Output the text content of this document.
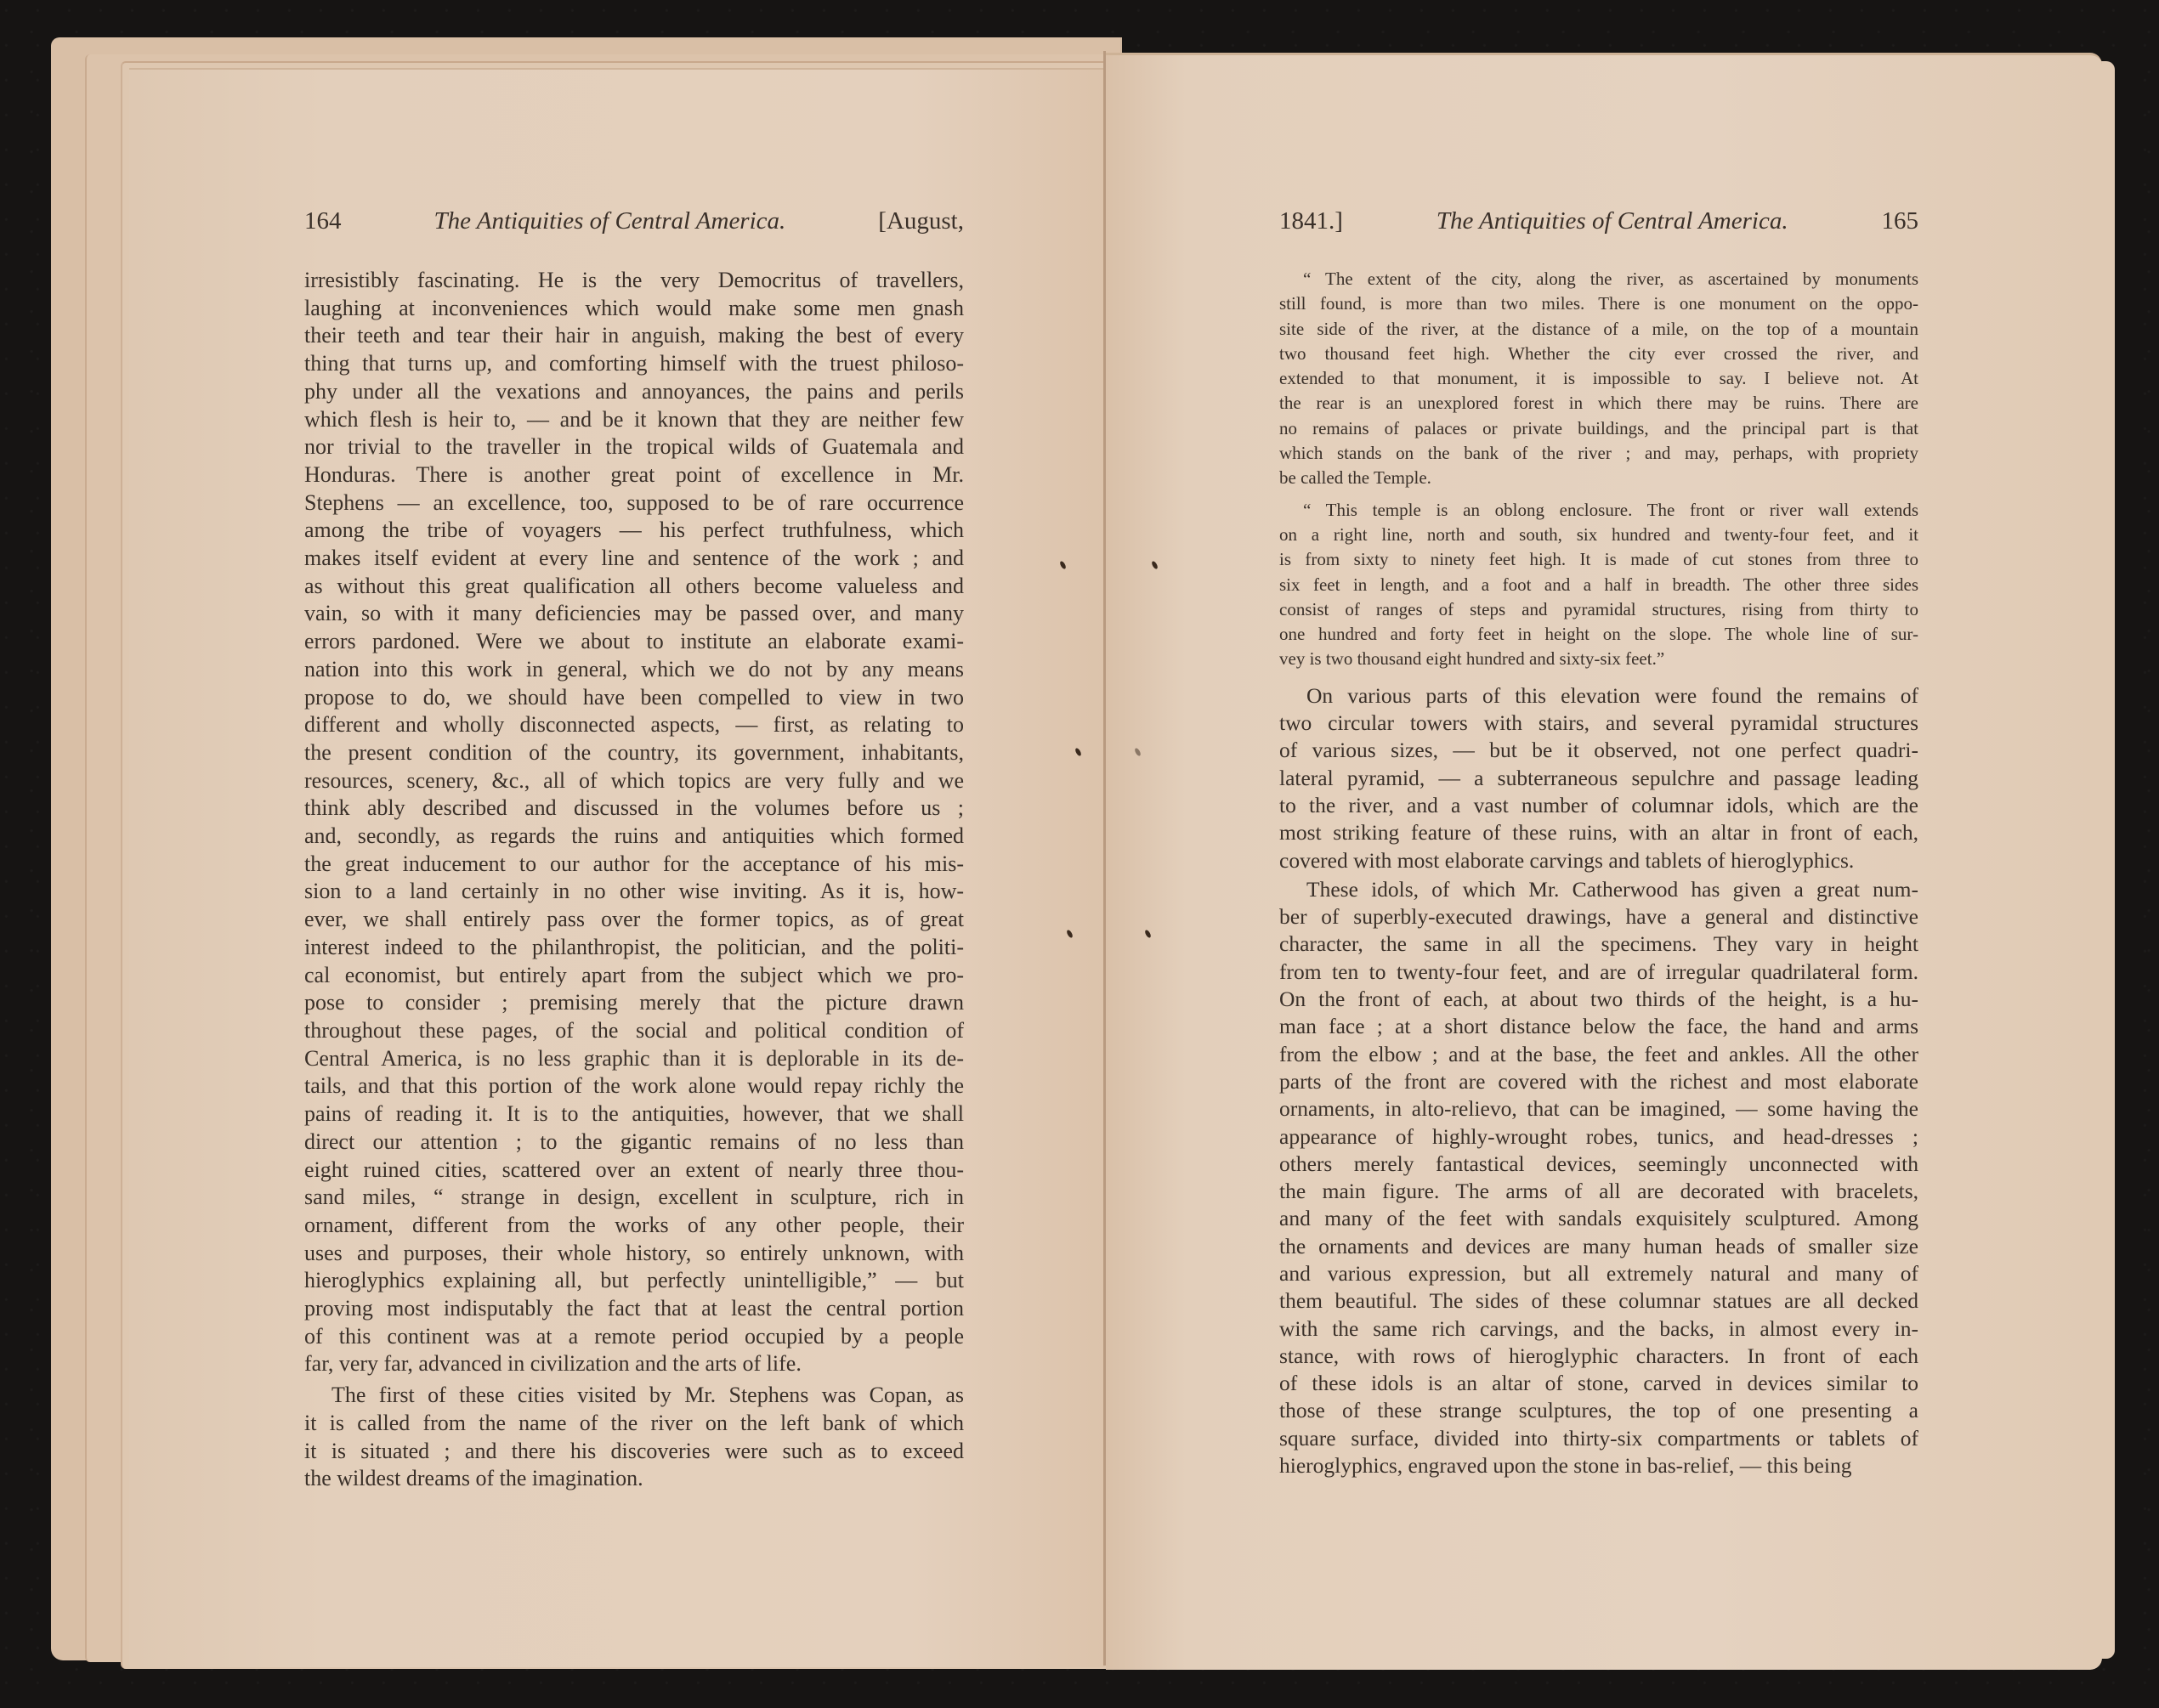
164	The Antiquities of Central America.	[August,
irresistibly fascinating. He is the very Democritus of travellers,
laughing at inconveniences which would make some men gnash
their teeth and tear their hair in anguish, making the best of every
thing that turns up, and comforting himself with the truest philoso-
phy under all the vexations and annoyances, the pains and perils
which flesh is heir to, — and be it known that they are neither few
nor trivial to the traveller in the tropical wilds of Guatemala and
Honduras. There is another great point of excellence in Mr.
Stephens — an excellence, too, supposed to be of rare occurrence
among the tribe of voyagers — his perfect truthfulness, which
makes itself evident at every line and sentence of the work ; and
as without this great qualification all others become valueless and
vain, so with it many deficiencies may be passed over, and many
errors pardoned. Were we about to institute an elaborate exami-
nation into this work in general, which we do not by any means
propose to do, we should have been compelled to view in two
different and wholly disconnected aspects, — first, as relating to
the present condition of the country, its government, inhabitants,
resources, scenery, &c., all of which topics are very fully and we
think ably described and discussed in the volumes before us ;
and, secondly, as regards the ruins and antiquities which formed
the great inducement to our author for the acceptance of his mis-
sion to a land certainly in no other wise inviting. As it is, how-
ever, we shall entirely pass over the former topics, as of great
interest indeed to the philanthropist, the politician, and the politi-
cal economist, but entirely apart from the subject which we pro-
pose to consider ; premising merely that the picture drawn
throughout these pages, of the social and political condition of
Central America, is no less graphic than it is deplorable in its de-
tails, and that this portion of the work alone would repay richly the
pains of reading it. It is to the antiquities, however, that we shall
direct our attention ; to the gigantic remains of no less than
eight ruined cities, scattered over an extent of nearly three thou-
sand miles, “ strange in design, excellent in sculpture, rich in
ornament, different from the works of any other people, their
uses and purposes, their whole history, so entirely unknown, with
hieroglyphics explaining all, but perfectly unintelligible,” — but
proving most indisputably the fact that at least the central portion
of this continent was at a remote period occupied by a people
far, very far, advanced in civilization and the arts of life.
The first of these cities visited by Mr. Stephens was Copan, as
it is called from the name of the river on the left bank of which
it is situated ; and there his discoveries were such as to exceed
the wildest dreams of the imagination.
1841.]	The Antiquities of Central America.	165
“ The extent of the city, along the river, as ascertained by monuments
still found, is more than two miles. There is one monument on the oppo-
site side of the river, at the distance of a mile, on the top of a mountain
two thousand feet high. Whether the city ever crossed the river, and
extended to that monument, it is impossible to say. I believe not. At
the rear is an unexplored forest in which there may be ruins. There are
no remains of palaces or private buildings, and the principal part is that
which stands on the bank of the river ; and may, perhaps, with propriety
be called the Temple.
“ This temple is an oblong enclosure. The front or river wall extends
on a right line, north and south, six hundred and twenty-four feet, and it
is from sixty to ninety feet high. It is made of cut stones from three to
six feet in length, and a foot and a half in breadth. The other three sides
consist of ranges of steps and pyramidal structures, rising from thirty to
one hundred and forty feet in height on the slope. The whole line of sur-
vey is two thousand eight hundred and sixty-six feet.”
On various parts of this elevation were found the remains of
two circular towers with stairs, and several pyramidal structures
of various sizes, — but be it observed, not one perfect quadri-
lateral pyramid, — a subterraneous sepulchre and passage leading
to the river, and a vast number of columnar idols, which are the
most striking feature of these ruins, with an altar in front of each,
covered with most elaborate carvings and tablets of hieroglyphics.
These idols, of which Mr. Catherwood has given a great num-
ber of superbly-executed drawings, have a general and distinctive
character, the same in all the specimens. They vary in height
from ten to twenty-four feet, and are of irregular quadrilateral form.
On the front of each, at about two thirds of the height, is a hu-
man face ; at a short distance below the face, the hand and arms
from the elbow ; and at the base, the feet and ankles. All the other
parts of the front are covered with the richest and most elaborate
ornaments, in alto-relievo, that can be imagined, — some having the
appearance of highly-wrought robes, tunics, and head-dresses ;
others merely fantastical devices, seemingly unconnected with
the main figure. The arms of all are decorated with bracelets,
and many of the feet with sandals exquisitely sculptured. Among
the ornaments and devices are many human heads of smaller size
and various expression, but all extremely natural and many of
them beautiful. The sides of these columnar statues are all decked
with the same rich carvings, and the backs, in almost every in-
stance, with rows of hieroglyphic characters. In front of each
of these idols is an altar of stone, carved in devices similar to
those of these strange sculptures, the top of one presenting a
square surface, divided into thirty-six compartments or tablets of
hieroglyphics, engraved upon the stone in bas-relief, — this being
